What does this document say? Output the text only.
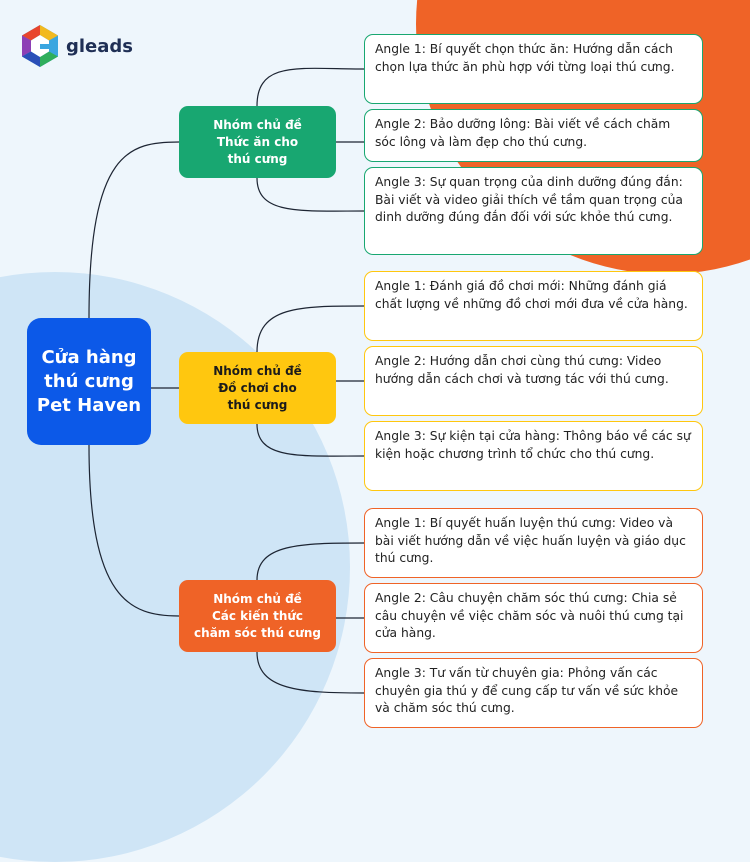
gleads
Cửa hàng
thú cưng
Pet Haven
Nhóm chủ đề
Thức ăn cho
thú cưng
Nhóm chủ đề
Đồ chơi cho
thú cưng
Nhóm chủ đề
Các kiến thức
chăm sóc thú cưng
Angle 1: Bí quyết chọn thức ăn: Hướng dẫn cách chọn lựa thức ăn phù hợp với từng loại thú cưng.
Angle 2: Bảo dưỡng lông: Bài viết về cách chăm sóc lông và làm đẹp cho thú cưng.
Angle 3: Sự quan trọng của dinh dưỡng đúng đắn: Bài viết và video giải thích về tầm quan trọng của dinh dưỡng đúng đắn đối với sức khỏe thú cưng.
Angle 1: Đánh giá đồ chơi mới: Những đánh giá chất lượng về những đồ chơi mới đưa về cửa hàng.
Angle 2: Hướng dẫn chơi cùng thú cưng: Video hướng dẫn cách chơi và tương tác với thú cưng.
Angle 3: Sự kiện tại cửa hàng: Thông báo về các sự kiện hoặc chương trình tổ chức cho thú cưng.
Angle 1: Bí quyết huấn luyện thú cưng: Video và bài viết hướng dẫn về việc huấn luyện và giáo dục thú cưng.
Angle 2: Câu chuyện chăm sóc thú cưng: Chia sẻ câu chuyện về việc chăm sóc và nuôi thú cưng tại cửa hàng.
Angle 3: Tư vấn từ chuyên gia: Phỏng vấn các chuyên gia thú y để cung cấp tư vấn về sức khỏe và chăm sóc thú cưng.
